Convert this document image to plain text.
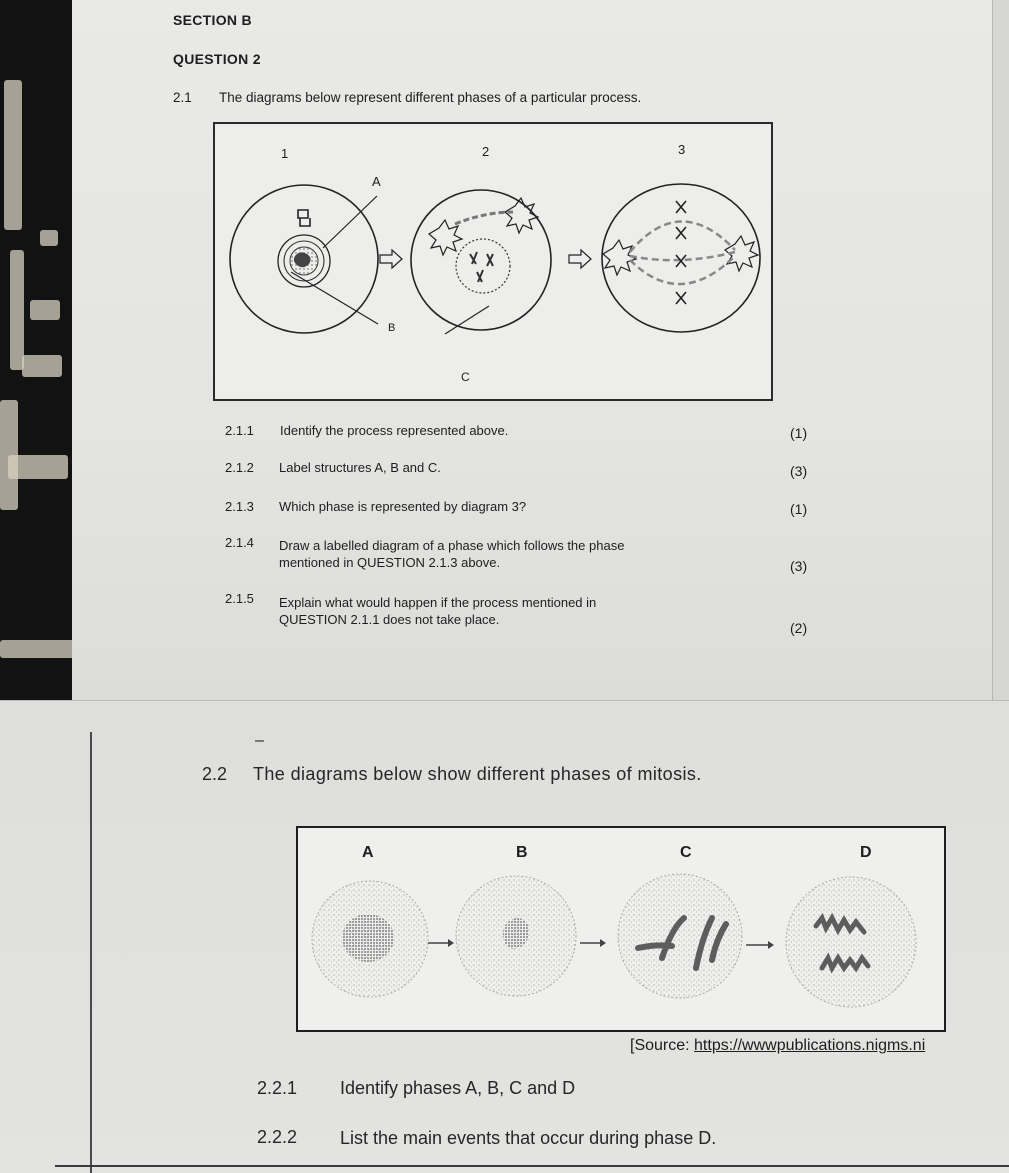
SECTION B
QUESTION 2
2.1 The diagrams below represent different phases of a particular process.
1	2	3
A
B
C
2.1.1 Identify the process represented above.	(1)
2.1.2 Label structures A, B and C.	(3)
2.1.3 Which phase is represented by diagram 3?	(1)
2.1.4 Draw a labelled diagram of a phase which follows the phase
mentioned in QUESTION 2.1.3 above.	(3)
2.1.5 Explain what would happen if the process mentioned in
QUESTION 2.1.1 does not take place.
(2)
–
2.2 The diagrams below show different phases of mitosis.
A	B	C	D
[Source: https://wwwpublications.nigms.ni
2.2.1 Identify phases A, B, C and D
2.2.2 List the main events that occur during phase D.
